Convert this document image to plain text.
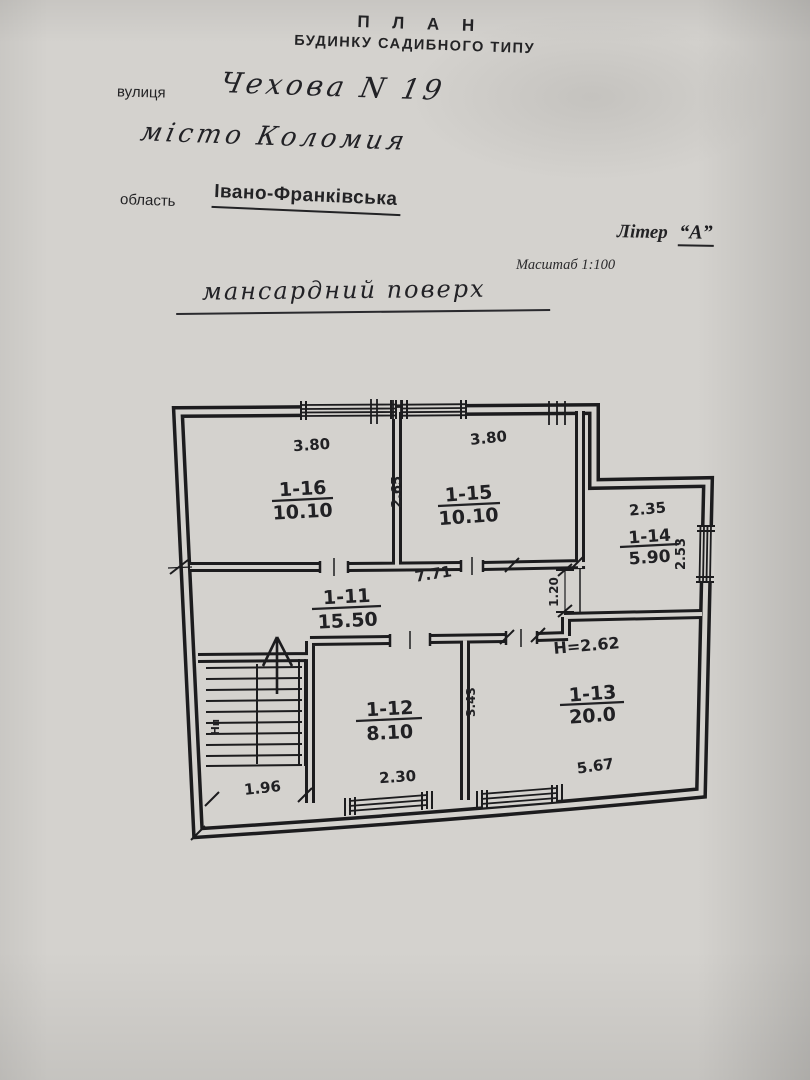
П Л А Н
БУДИНКУ САДИБНОГО ТИПУ
вулиця Чехова N 19
місто Коломия
область Івано-Франківська
Літер “А”
Масштаб 1:100
мансардний поверх
1-16
10.10
1-15
10.10
1-14
5.90
1-11
15.50
1-12
8.10
1-13
20.0
3.80	3.80
2.35
7.71
H=2.62
2.30	5.67
1.96
2.65
2.53
1.20
3.43
Нп
